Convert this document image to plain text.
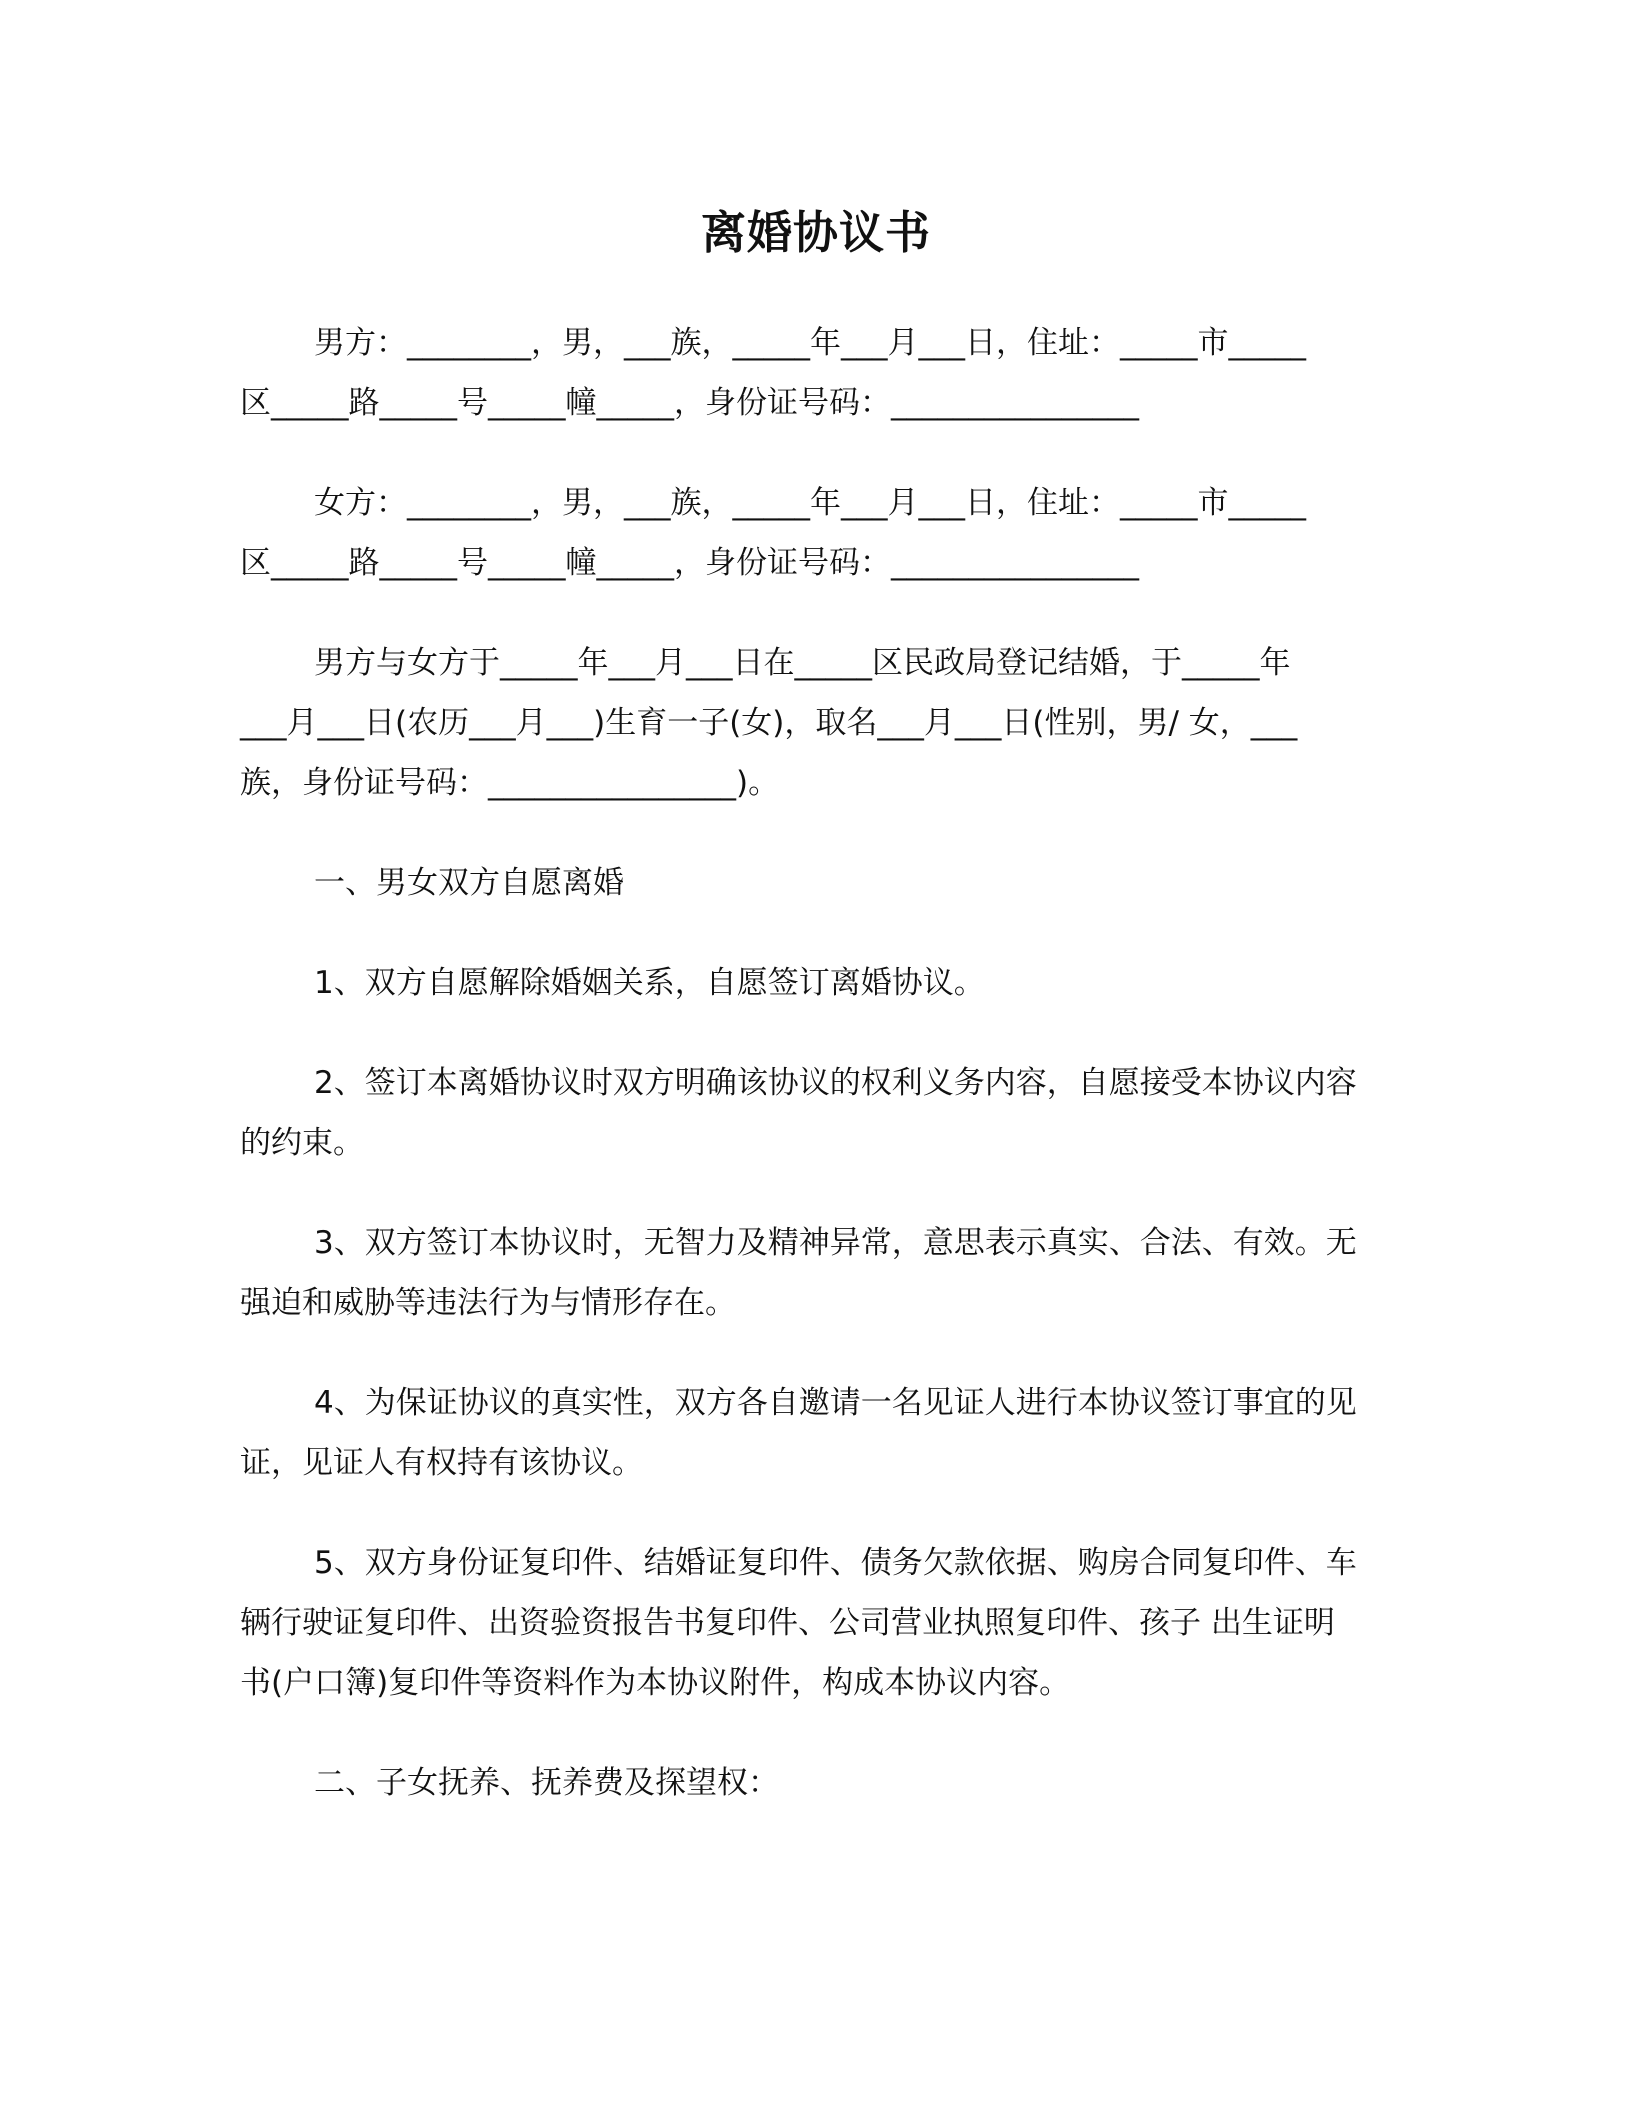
离婚协议书
男方：________，男，___族，_____年___月___日，住址：_____市_____
区_____路_____号_____幢_____，身份证号码：________________
女方：________，男，___族，_____年___月___日，住址：_____市_____
区_____路_____号_____幢_____，身份证号码：________________
男方与女方于_____年___月___日在_____区民政局登记结婚，于_____年
___月___日(农历___月___)生育一子(女)，取名___月___日(性别，男/ 女，___
族，身份证号码：________________)。
一、男女双方自愿离婚
1、双方自愿解除婚姻关系，自愿签订离婚协议。
2、签订本离婚协议时双方明确该协议的权利义务内容，自愿接受本协议内容
的约束。
3、双方签订本协议时，无智力及精神异常，意思表示真实、合法、有效。无
强迫和威胁等违法行为与情形存在。
4、为保证协议的真实性，双方各自邀请一名见证人进行本协议签订事宜的见
证，见证人有权持有该协议。
5、双方身份证复印件、结婚证复印件、债务欠款依据、购房合同复印件、车
辆行驶证复印件、出资验资报告书复印件、公司营业执照复印件、孩子 出生证明
书(户口簿)复印件等资料作为本协议附件，构成本协议内容。
二、子女抚养、抚养费及探望权：
